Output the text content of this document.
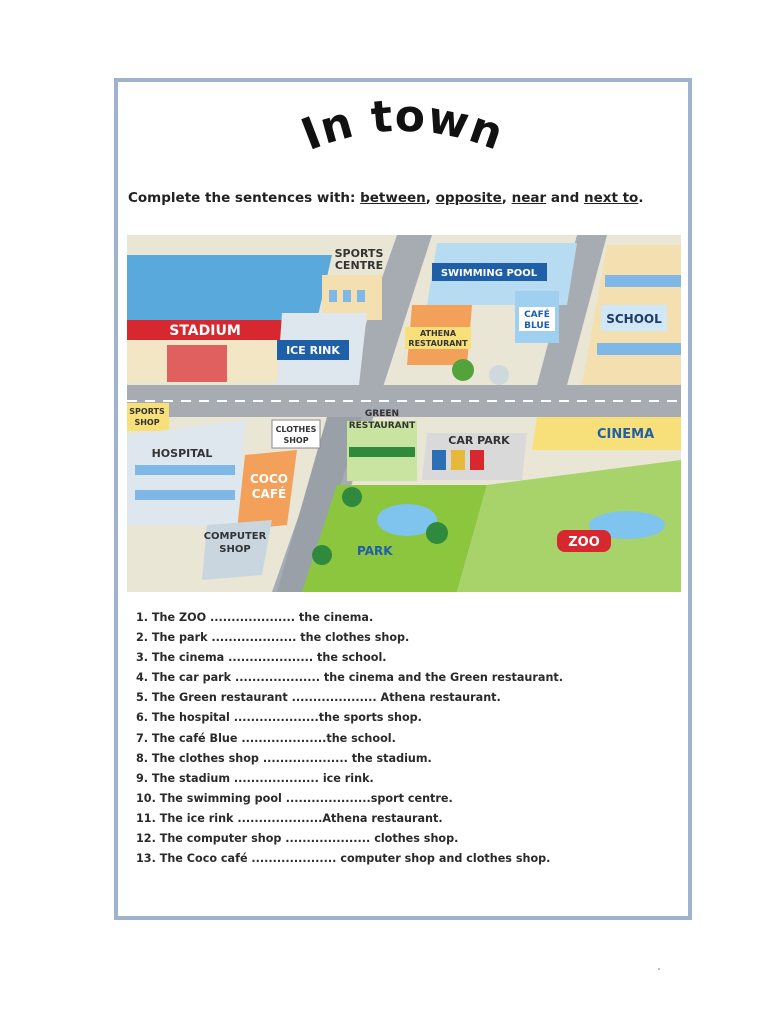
In town
Complete the sentences with: between, opposite, near and next to.
STADIUM
SPORTS
CENTRE
ICE RINK
SWIMMING POOL
ATHENA
RESTAURANT
CAFÉ
BLUE	SCHOOL
SPORTS
SHOP
HOSPITAL
CLOTHES
SHOP
COCO
CAFÉ
COMPUTER
SHOP
GREEN
RESTAURANT
CAR PARK	CINEMA
PARK
ZOO
1. The ZOO .................... the cinema.
2. The park .................... the clothes shop.
3. The cinema .................... the school.
4. The car park .................... the cinema and the Green restaurant.
5. The Green restaurant .................... Athena restaurant.
6. The hospital ....................the sports shop.
7. The café Blue ....................the school.
8. The clothes shop .................... the stadium.
9. The stadium .................... ice rink.
10. The swimming pool ....................sport centre.
11. The ice rink ....................Athena restaurant.
12. The computer shop .................... clothes shop.
13. The Coco café .................... computer shop and clothes shop.
